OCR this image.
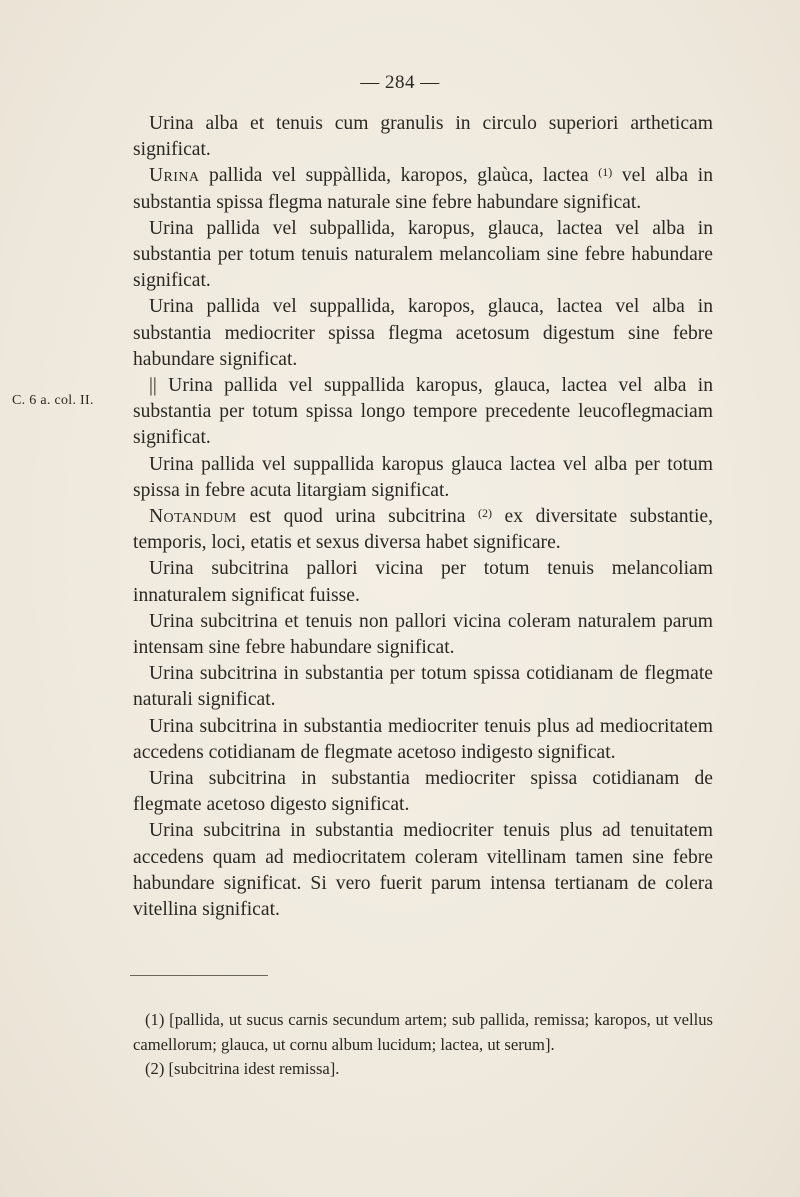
— 284 —
C. 6 a. col. II.

Urina alba et tenuis cum granulis in circulo superiori artheticam significat.

Urina pallida vel suppàllida, karopos, glaùca, lactea $^{(1)}$ vel alba in substantia spissa flegma naturale sine febre habundare significat.

Urina pallida vel subpallida, karopus, glauca, lactea vel alba in substantia per totum tenuis naturalem melancoliam sine febre habundare significat.

Urina pallida vel suppallida, karopos, glauca, lactea vel alba in substantia mediocriter spissa flegma acetosum digestum sine febre habundare significat.

|| Urina pallida vel suppallida karopus, glauca, lactea vel alba in substantia per totum spissa longo tempore precedente leucoflegmaciam significat.

Urina pallida vel suppallida karopus glauca lactea vel alba per totum spissa in febre acuta litargiam significat.

Notandum est quod urina subcitrina $^{(2)}$ ex diversitate substantie, temporis, loci, etatis et sexus diversa habet significare.

Urina subcitrina pallori vicina per totum tenuis melancoliam innaturalem significat fuisse.

Urina subcitrina et tenuis non pallori vicina coleram naturalem parum intensam sine febre habundare significat.

Urina subcitrina in substantia per totum spissa cotidianam de flegmate naturali significat.

Urina subcitrina in substantia mediocriter tenuis plus ad mediocritatem accedens cotidianam de flegmate acetoso indigesto significat.

Urina subcitrina in substantia mediocriter spissa cotidianam de flegmate acetoso digesto significat.

Urina subcitrina in substantia mediocriter tenuis plus ad tenuitatem accedens quam ad mediocritatem coleram vitellinam tamen sine febre habundare significat. Si vero fuerit parum intensa tertianam de colera vitellina significat.

(1) [pallida, ut sucus carnis secundum artem; sub pallida, remissa; karopos, ut vellus camellorum; glauca, ut cornu album lucidum; lactea, ut serum].

(2) [subcitrina idest remissa].
